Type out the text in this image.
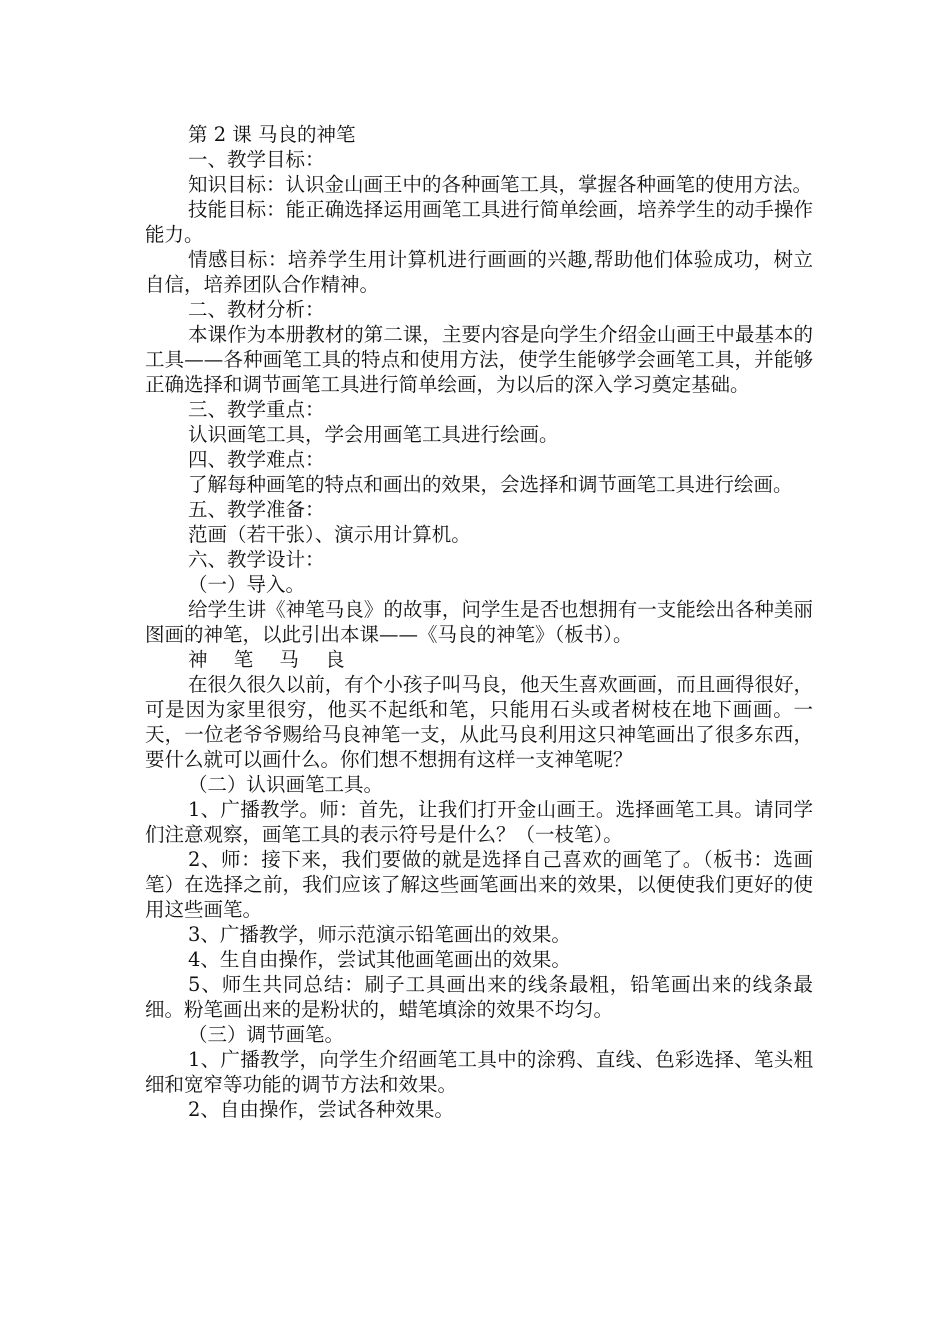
第 2 课 马良的神笔

一、教学目标：

知识目标：认识金山画王中的各种画笔工具，掌握各种画笔的使用方法。

技能目标：能正确选择运用画笔工具进行简单绘画，培养学生的动手操作能力。

情感目标：培养学生用计算机进行画画的兴趣,帮助他们体验成功，树立自信，培养团队合作精神。

二、教材分析：

本课作为本册教材的第二课，主要内容是向学生介绍金山画王中最基本的工具——各种画笔工具的特点和使用方法，使学生能够学会画笔工具，并能够正确选择和调节画笔工具进行简单绘画，为以后的深入学习奠定基础。

三、教学重点：

认识画笔工具，学会用画笔工具进行绘画。

四、教学难点：

了解每种画笔的特点和画出的效果，会选择和调节画笔工具进行绘画。

五、教学准备：

范画（若干张）、演示用计算机。

六、教学设计：

（一）导入。

给学生讲《神笔马良》的故事，问学生是否也想拥有一支能绘出各种美丽图画的神笔，以此引出本课——《马良的神笔》（板书）。

神 笔 马 良

在很久很久以前，有个小孩子叫马良，他天生喜欢画画，而且画得很好，可是因为家里很穷，他买不起纸和笔，只能用石头或者树枝在地下画画。一天，一位老爷爷赐给马良神笔一支，从此马良利用这只神笔画出了很多东西，要什么就可以画什么。你们想不想拥有这样一支神笔呢？

（二）认识画笔工具。

1、广播教学。师：首先，让我们打开金山画王。选择画笔工具。请同学们注意观察，画笔工具的表示符号是什么？（一枝笔）。

2、师：接下来，我们要做的就是选择自己喜欢的画笔了。（板书：选画笔）在选择之前，我们应该了解这些画笔画出来的效果，以便使我们更好的使用这些画笔。

3、广播教学，师示范演示铅笔画出的效果。

4、生自由操作，尝试其他画笔画出的效果。

5、师生共同总结：刷子工具画出来的线条最粗，铅笔画出来的线条最细。粉笔画出来的是粉状的，蜡笔填涂的效果不均匀。

（三）调节画笔。

1、广播教学，向学生介绍画笔工具中的涂鸦、直线、色彩选择、笔头粗细和宽窄等功能的调节方法和效果。

2、自由操作，尝试各种效果。
